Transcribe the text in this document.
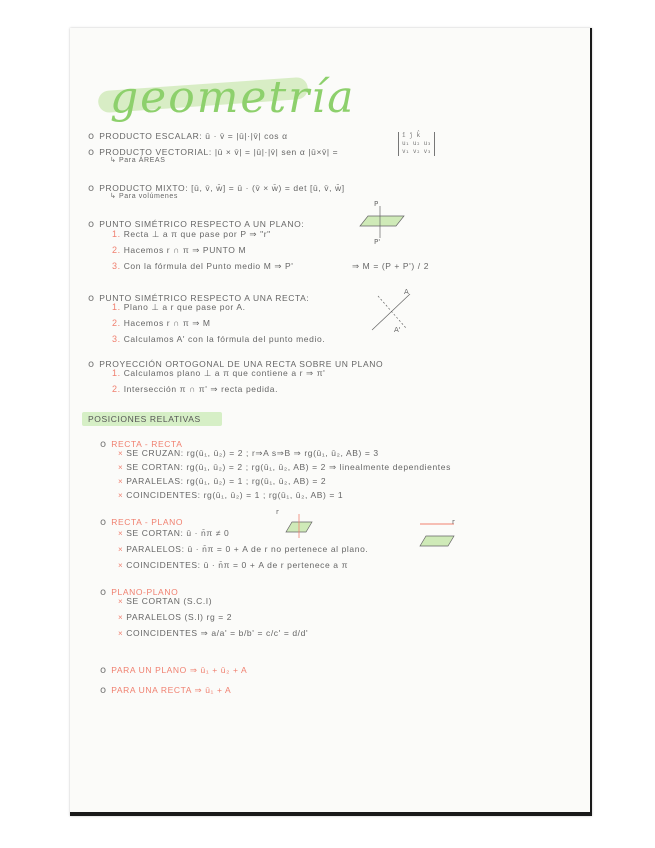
geometría
o PRODUCTO ESCALAR: ū · v̄ = |ū|·|v̄| cos α
o PRODUCTO VECTORIAL: |ū × v̄| = |ū|·|v̄| sen α |ū×v̄| =
î ĵ k̂
u₁ u₂ u₃
v₁ v₂ v₃
↳ Para ÁREAS
o PRODUCTO MIXTO: [ū, v̄, w̄] = ū · (v̄ × w̄) = det [ū, v̄, w̄]
↳ Para volúmenes
o PUNTO SIMÉTRICO RESPECTO A UN PLANO:
1. Recta ⊥ a π que pase por P ⇒ "r"
2. Hacemos r ∩ π ⇒ PUNTO M
3. Con la fórmula del Punto medio M ⇒ P'	⇒ M = (P + P') / 2
P
P'
o PUNTO SIMÉTRICO RESPECTO A UNA RECTA:
1. Plano ⊥ a r que pase por A.
2. Hacemos r ∩ π ⇒ M
3. Calculamos A' con la fórmula del punto medio.
A
A'
o PROYECCIÓN ORTOGONAL DE UNA RECTA SOBRE UN PLANO
1. Calculamos plano ⊥ a π que contiene a r ⇒ π'
2. Intersección π ∩ π' ⇒ recta pedida.
POSICIONES RELATIVAS
o RECTA - RECTA
× SE CRUZAN: rg(ū₁, ū₂) = 2 ; r⇒A s⇒B ⇒ rg(ū₁, ū₂, AB) = 3
× SE CORTAN: rg(ū₁, ū₂) = 2 ; rg(ū₁, ū₂, AB) = 2 ⇒ linealmente dependientes
× PARALELAS: rg(ū₁, ū₂) = 1 ; rg(ū₁, ū₂, AB) = 2
× COINCIDENTES: rg(ū₁, ū₂) = 1 ; rg(ū₁, ū₂, AB) = 1
o RECTA - PLANO
× SE CORTAN: ū · n̄π ≠ 0
× PARALELOS: ū · n̄π = 0 + A de r no pertenece al plano.
× COINCIDENTES: ū · n̄π = 0 + A de r pertenece a π
r
r
o PLANO-PLANO
× SE CORTAN (S.C.I)
× PARALELOS (S.I) rg = 2
× COINCIDENTES ⇒ a/a' = b/b' = c/c' = d/d'
o PARA UN PLANO ⇒ ū₁ + ū₂ + A
o PARA UNA RECTA ⇒ ū₁ + A
